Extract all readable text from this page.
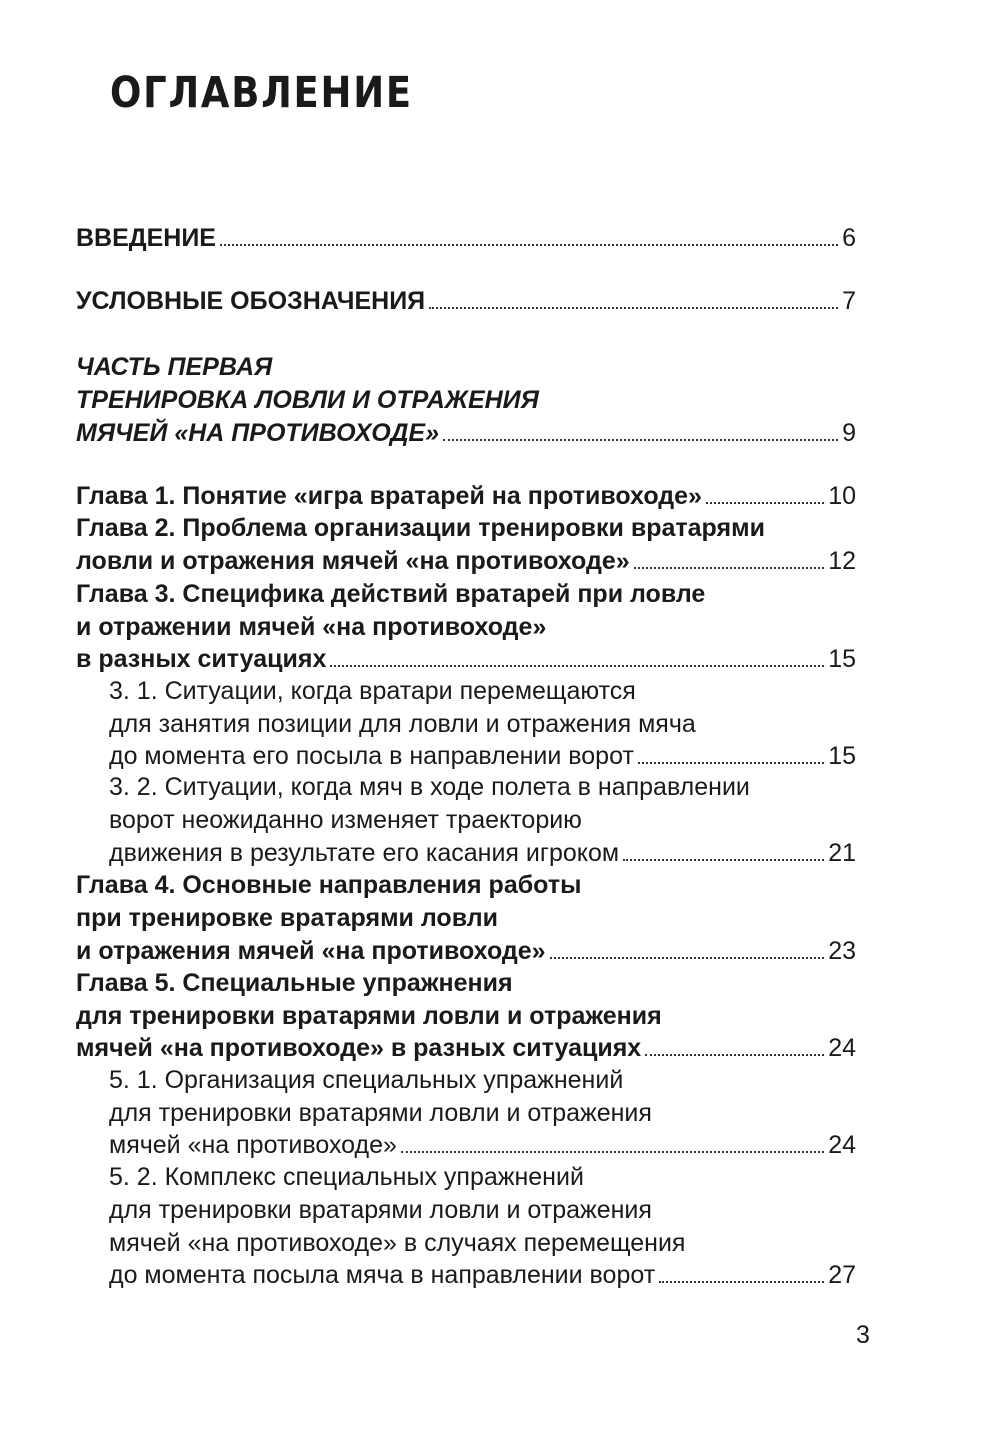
ОГЛАВЛЕНИЕ
ВВЕДЕНИЕ	6
УСЛОВНЫЕ ОБОЗНАЧЕНИЯ	7
ЧАСТЬ ПЕРВАЯ
ТРЕНИРОВКА ЛОВЛИ И ОТРАЖЕНИЯ
МЯЧЕЙ «НА ПРОТИВОХОДЕ»	9
Глава 1. Понятие «игра вратарей на противоходе»	10
Глава 2. Проблема организации тренировки вратарями
ловли и отражения мячей «на противоходе»	12
Глава 3. Специфика действий вратарей при ловле
и отражении мячей «на противоходе»
в разных ситуациях	15
3. 1. Ситуации, когда вратари перемещаются
для занятия позиции для ловли и отражения мяча
до момента его посыла в направлении ворот	15
3. 2. Ситуации, когда мяч в ходе полета в направлении
ворот неожиданно изменяет траекторию
движения в результате его касания игроком	21
Глава 4. Основные направления работы
при тренировке вратарями ловли
и отражения мячей «на противоходе»	23
Глава 5. Специальные упражнения
для тренировки вратарями ловли и отражения
мячей «на противоходе» в разных ситуациях	24
5. 1. Организация специальных упражнений
для тренировки вратарями ловли и отражения
мячей «на противоходе»	24
5. 2. Комплекс специальных упражнений
для тренировки вратарями ловли и отражения
мячей «на противоходе» в случаях перемещения
до момента посыла мяча в направлении ворот	27
3
